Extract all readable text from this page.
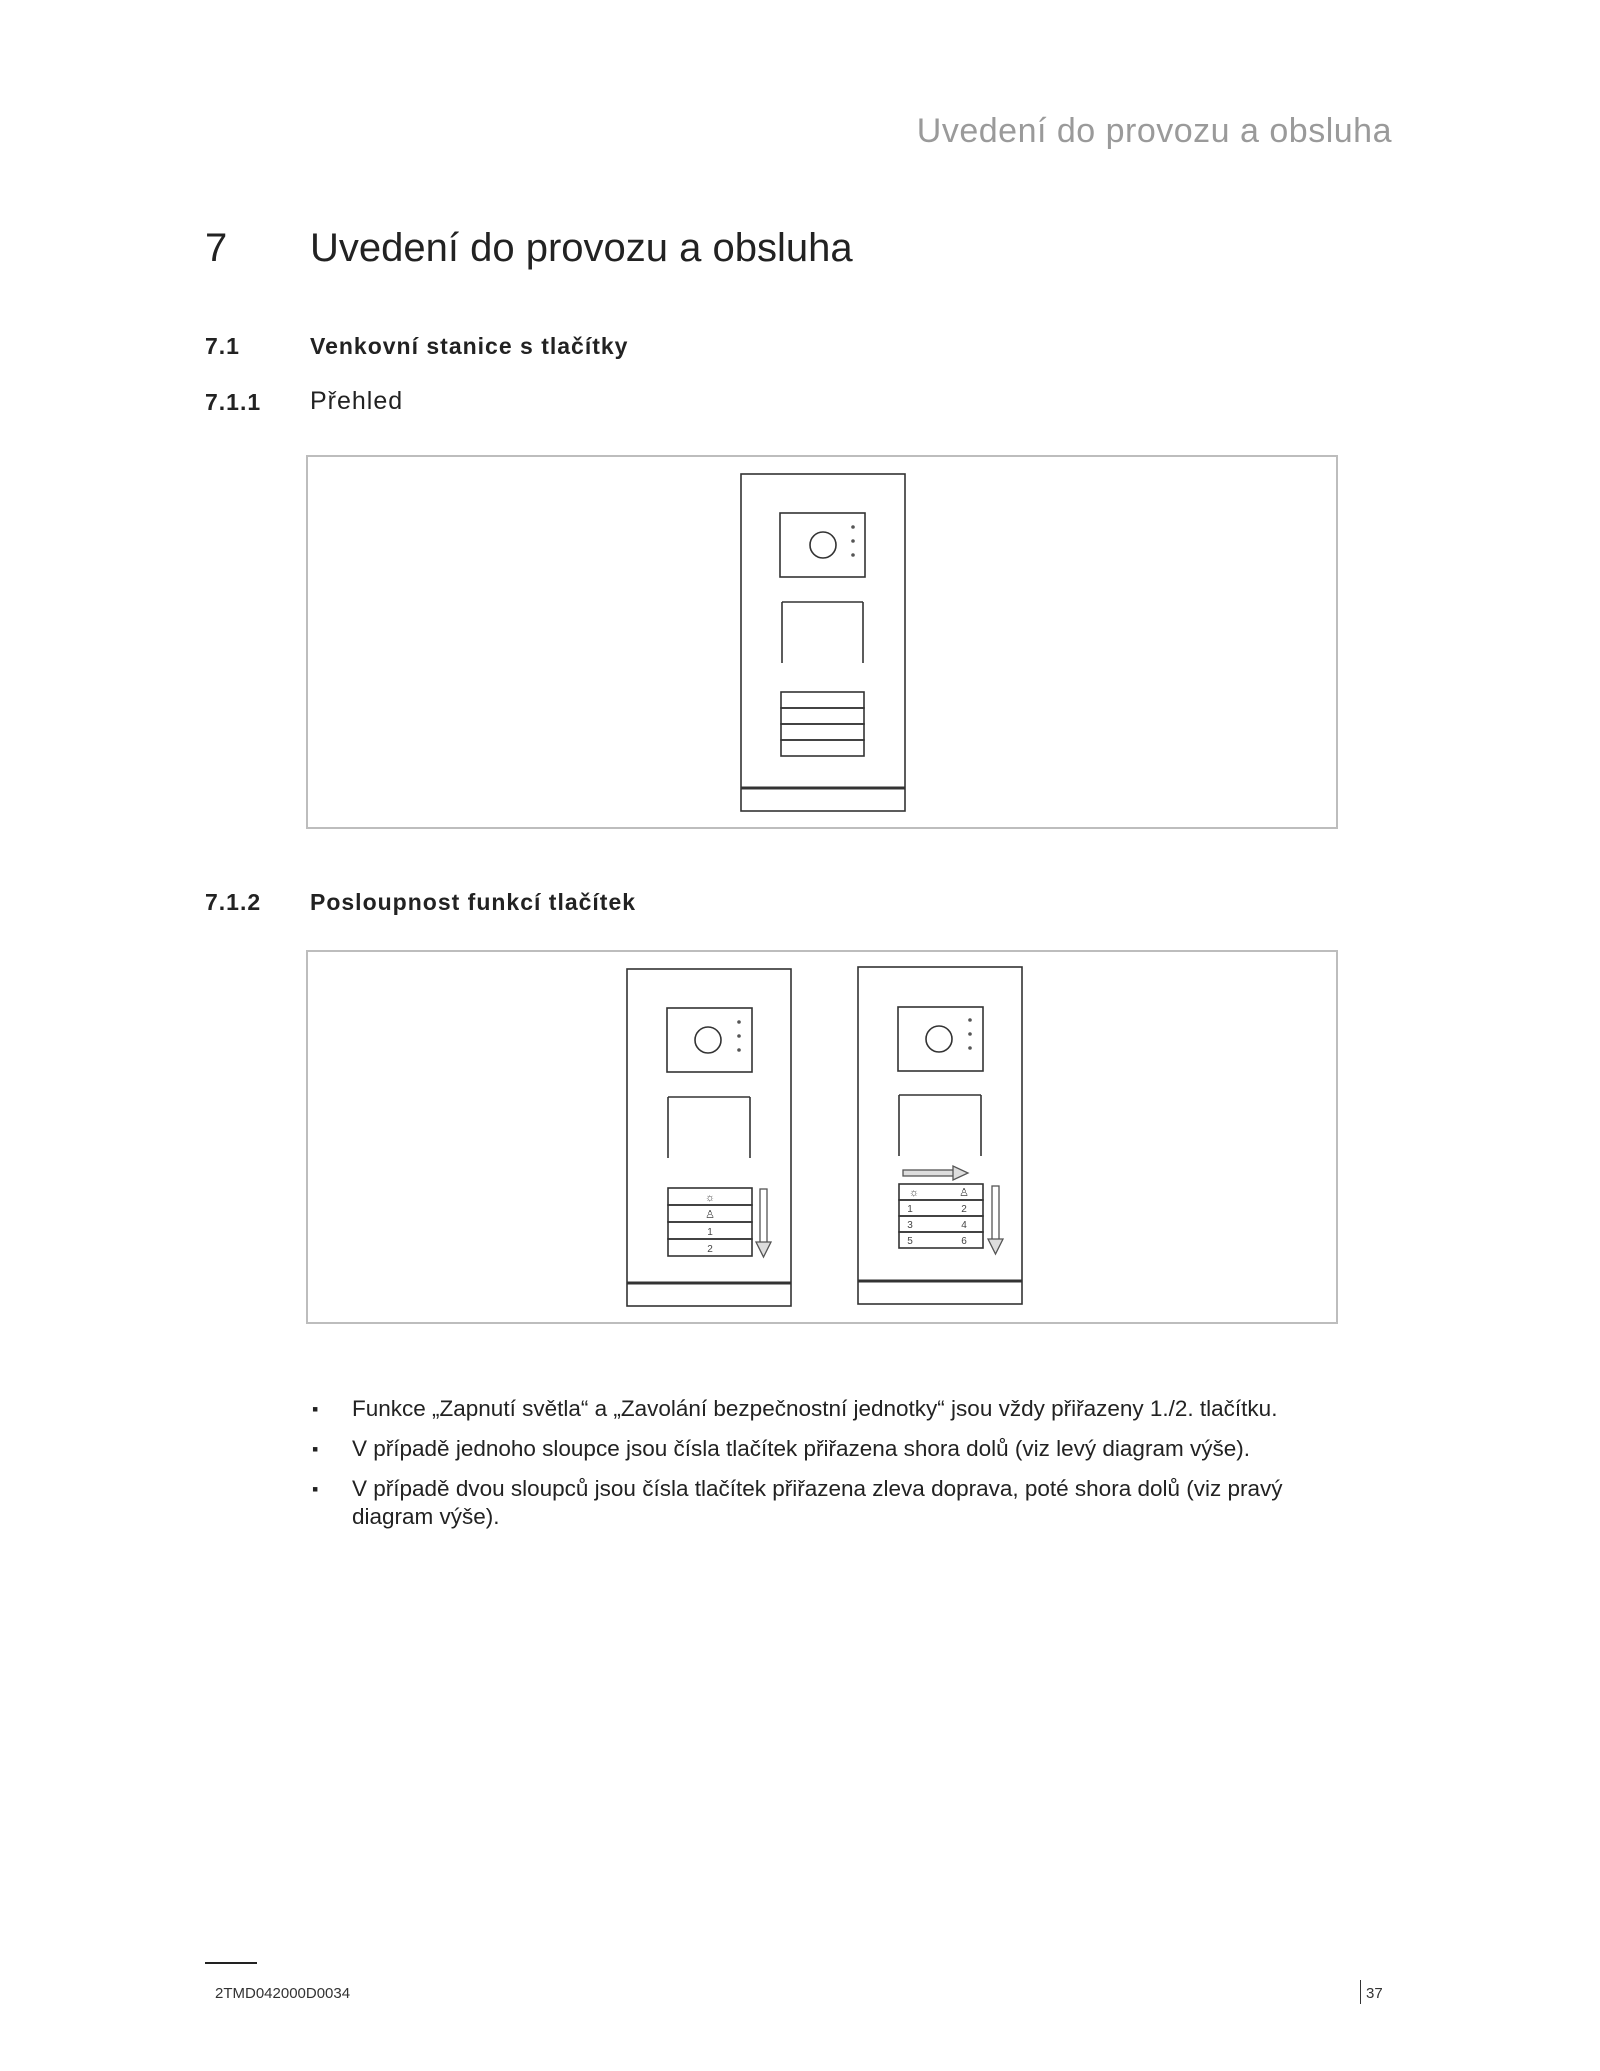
Uvedení do provozu a obsluha
7 Uvedení do provozu a obsluha
7.1	Venkovní stanice s tlačítky
7.1.1 Přehled
7.1.2 Posloupnost funkcí tlačítek
☼
♙
1
2
☼	♙
1	2
3	4
5	6
▪ Funkce „Zapnutí světla“ a „Zavolání bezpečnostní jednotky“ jsou vždy přiřazeny 1./2. tlačítku.
▪ V případě jednoho sloupce jsou čísla tlačítek přiřazena shora dolů (viz levý diagram výše).
▪ V případě dvou sloupců jsou čísla tlačítek přiřazena zleva doprava, poté shora dolů (viz pravý diagram výše).
2TMD042000D0034	37
